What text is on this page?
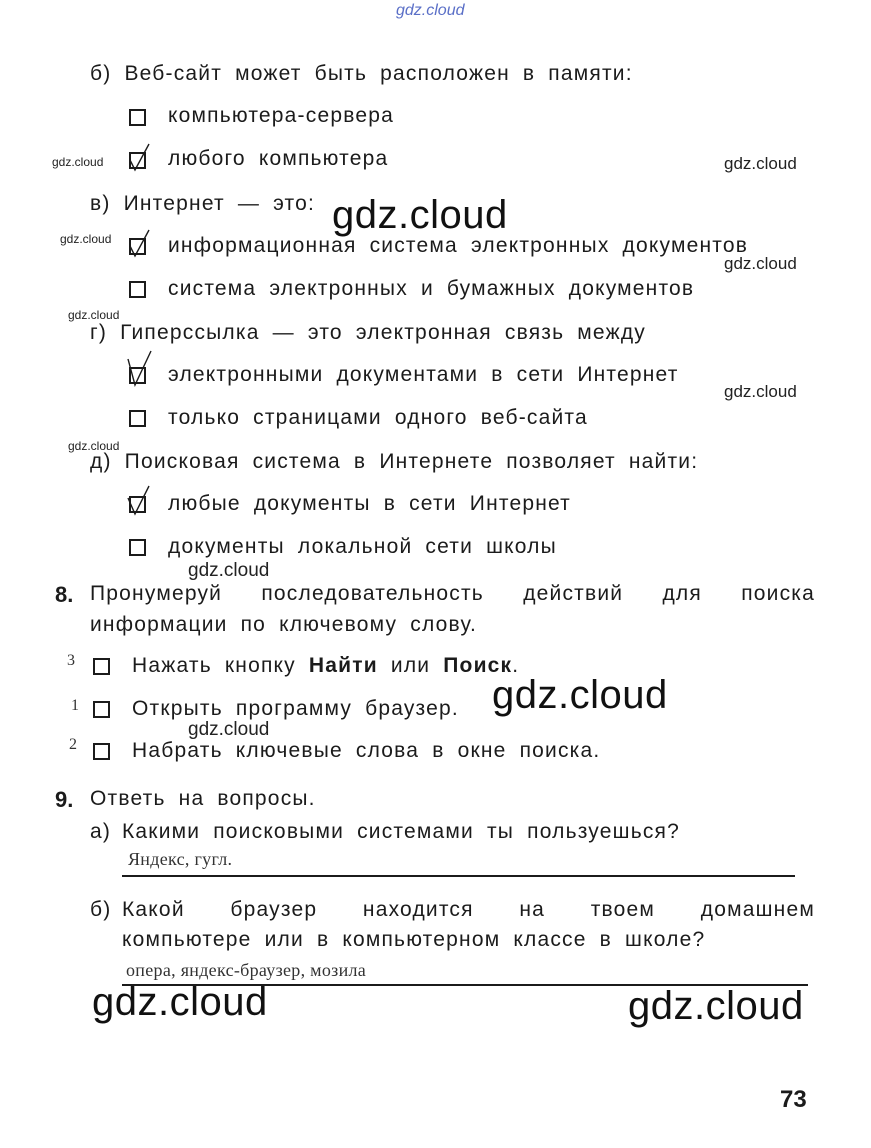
gdz.cloud
б) Веб-сайт может быть расположен в памяти:
компьютера-сервера
любого компьютера
в) Интернет — это:
информационная система электронных документов
система электронных и бумажных документов
г) Гиперссылка — это электронная связь между
электронными документами в сети Интернет
только страницами одного веб-сайта
д) Поисковая система в Интернете позволяет найти:
любые документы в сети Интернет
документы локальной сети школы
8. Пронумеруй последовательность действий для поиска
информации по ключевому слову.
3	Нажать кнопку Найти или Поиск.
1	Открыть программу браузер.
2	Набрать ключевые слова в окне поиска.
9. Ответь на вопросы.
а) Какими поисковыми системами ты пользуешься?
Яндекс, гугл.
б) Какой браузер находится на твоем домашнем
компьютере или в компьютерном классе в школе?
опера, яндекс-браузер, мозила
gdz.cloud	gdz.cloud
gdz.cloud
gdz.cloud
gdz.cloud
gdz.cloud
gdz.cloud
gdz.cloud
gdz.cloud
gdz.cloud
gdz.cloud
gdz.cloud	gdz.cloud
73
